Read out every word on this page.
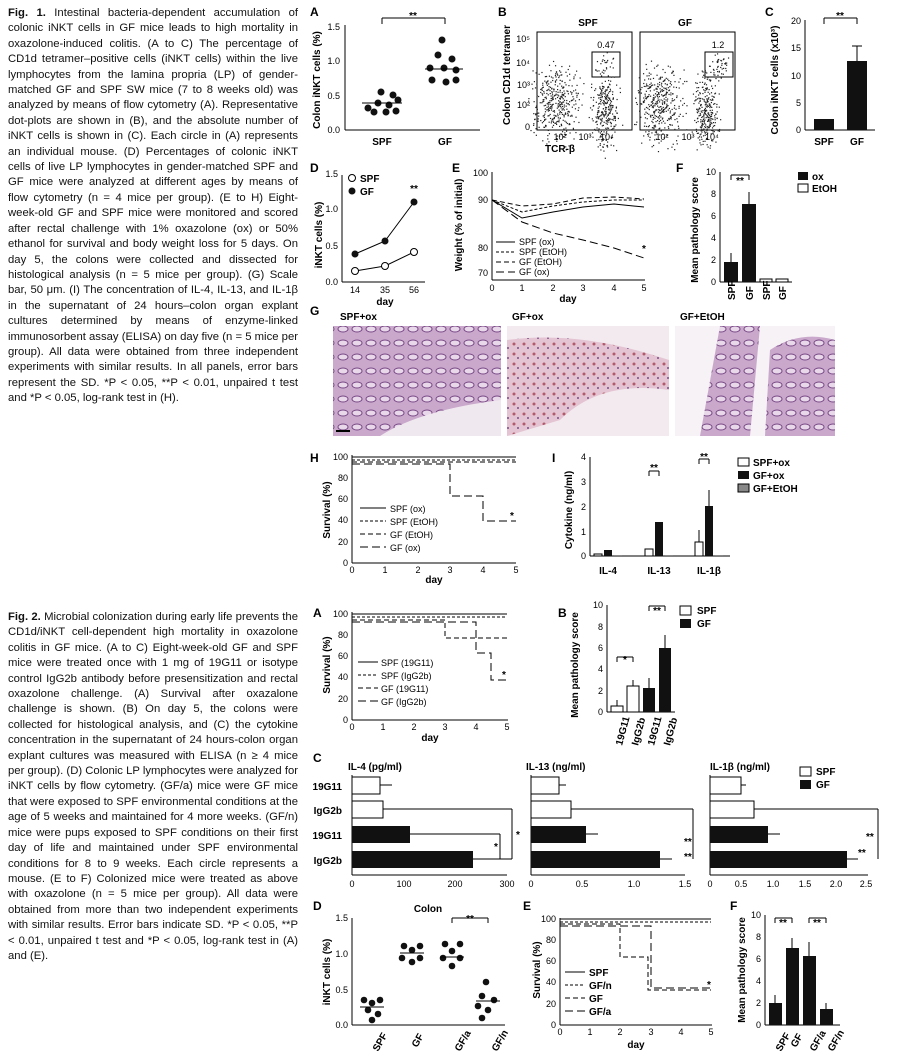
Fig. 1. Intestinal bacteria-dependent accumulation of colonic iNKT cells in GF mice leads to high mortality in oxazolone-induced colitis. (A to C) The percentage of CD1d tetramer–positive cells (iNKT cells) within the live lymphocytes from the lamina propria (LP) of gender-matched GF and SPF SW mice (7 to 8 weeks old) was analyzed by means of flow cytometry (A). Representative dot-plots are shown in (B), and the absolute number of iNKT cells is shown in (C). Each circle in (A) represents an individual mouse. (D) Percentages of colonic iNKT cells of live LP lymphocytes in gender-matched SPF and GF mice were analyzed at different ages by means of flow cytometry (n = 4 mice per group). (E to H) Eight-week-old GF and SPF mice were monitored and scored after rectal challenge with 1% oxazolone (ox) or 50% ethanol for survival and body weight loss for 5 days. On day 5, the colons were collected and dissected for histological analysis (n = 5 mice per group). (G) Scale bar, 50 μm. (I) The concentration of IL-4, IL-13, and IL-1β in the supernatant of 24 hours–colon organ explant cultures determined by means of enzyme-linked immunosorbent assay (ELISA) on day five (n = 5 mice per group). All data were obtained from three independent experiments with similar results. In all panels, error bars represent the SD. *P < 0.05, **P < 0.01, unpaired t test and *P < 0.05, log-rank test in (H).
Fig. 2. Microbial colonization during early life prevents the CD1d/iNKT cell-dependent high mortality in oxazolone colitis in GF mice. (A to C) Eight-week-old GF and SPF mice were treated once with 1 mg of 19G11 or isotype control IgG2b antibody before presensitization and rectal oxazolone challenge. (A) Survival after oxazalone challenge is shown. (B) On day 5, the colons were collected for histological analysis, and (C) the cytokine concentration in the supernatant of 24 hours-colon organ explant cultures was measured with ELISA (n ≥ 4 mice per group). (D) Colonic LP lymphocytes were analyzed for iNKT cells by flow cytometry. (GF/a) mice were GF mice that were exposed to SPF environmental conditions at the age of 5 weeks and maintained for 4 more weeks. (GF/n) mice were pups exposed to SPF conditions on their first day of life and maintained under SPF environmental conditions for 8 to 9 weeks. Each circle represents a mouse. (E to F) Colonized mice were treated as above with oxazolone (n = 5 mice per group). All data were obtained from more than two independent experiments with similar results. Error bars indicate SD. *P < 0.05, **P < 0.01, unpaired t test and *P < 0.05, log-rank test in (A) and (E).
A
Colon iNKT cells (%)
0.0
0.5
1.0
1.5
SPF	GF
**	B
Colon CD1d tetramer
SPF	GF
0.47	1.2
10⁵
10⁴
10³
10²
0
10² 10³ 10⁴	10² 10³ 10⁴
TCR-β
C
Colon iNKT cells (x10³) 0
5
10
15
20	**
SPF GF
D
iNKT cells (%)
0.0
0.5
1.0
1.5
14 35 56
day
**
SPF
GF
E
Weight (% of initial)
100
90
80
70
0	1	2	3	4	5
day
*
SPF (ox)
SPF (EtOH)
GF (EtOH)
GF (ox)
F
Mean pathology score 0
2
4
6
8
10
**
SPF GF SPF GF
ox
EtOH
G SPF+ox	GF+ox	GF+EtOH
H
Survival (%)
0
20
40
60
80
100
0	1	2	3	4	5
day
*
SPF (ox)
SPF (EtOH)
GF (EtOH)
GF (ox)
I
Cytokine (ng/ml)
0
1
2
3
4
**
**
IL-4	IL-13	IL-1β
SPF+ox
GF+ox
GF+EtOH
A
Survival (%)
0
20
40
60
80
100
0	1	2	3	4	5
day
*
SPF (19G11)
SPF (IgG2b)
GF (19G11)
GF (IgG2b)
B Mean pathology score 0
2
4
6
8
10
*
**
19G11
IgG2b
19G11
IgG2b
SPF
GF
C
IL-4 (pg/ml)	IL-13 (ng/ml)	IL-1β (ng/ml)
19G11
IgG2b
19G11
IgG2b
*
*
0	100	200	300
**
**
0	0.5	1.0	1.5
**
**
0 0.5 1.0 1.5 2.0 2.5
SPF
GF
D	Colon
iNKT cells (%)
0.0
0.5
1.0
1.5	**
SPF GF	GF/a GF/n
E
Survival (%)
0
20
40
60
80
100
0	1	2	3	4	5
day
*
SPF
GF/n
GF
GF/a
F
Mean pathology score
0
2
4
6
8
10
**	**
SPF
GF GF/a
GF/n
